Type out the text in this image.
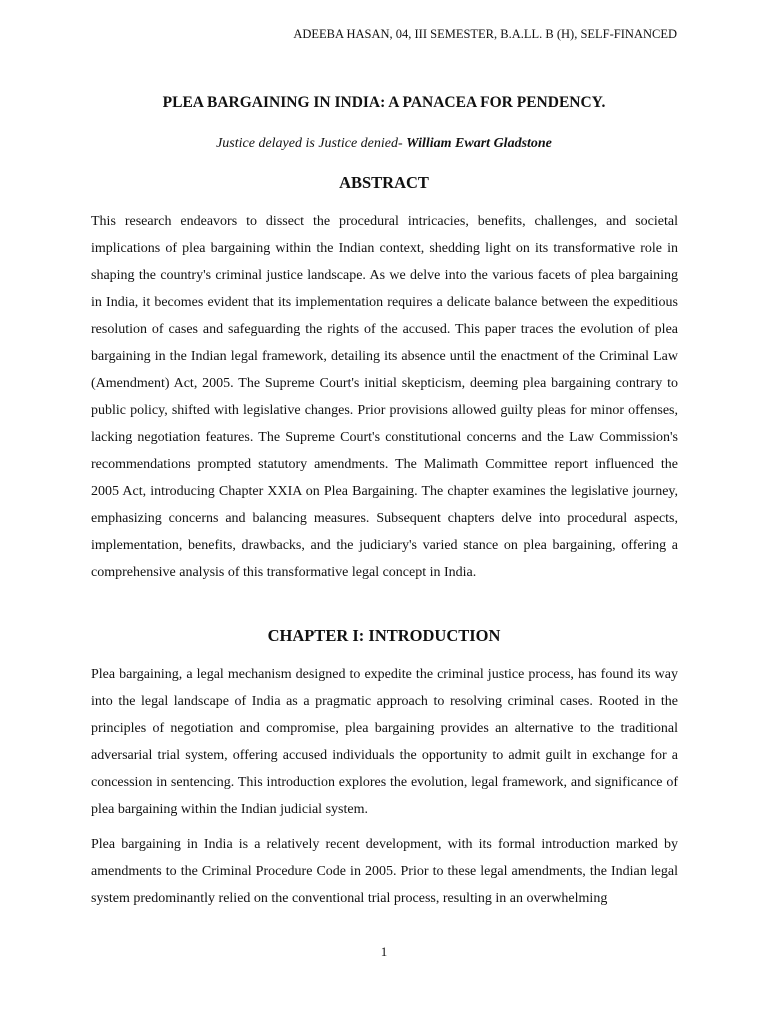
ADEEBA HASAN, 04, III SEMESTER, B.A.LL. B (H), SELF-FINANCED
PLEA BARGAINING IN INDIA: A PANACEA FOR PENDENCY.
Justice delayed is Justice denied- William Ewart Gladstone
ABSTRACT

This research endeavors to dissect the procedural intricacies, benefits, challenges, and societal implications of plea bargaining within the Indian context, shedding light on its transformative role in shaping the country's criminal justice landscape. As we delve into the various facets of plea bargaining in India, it becomes evident that its implementation requires a delicate balance between the expeditious resolution of cases and safeguarding the rights of the accused. This paper traces the evolution of plea bargaining in the Indian legal framework, detailing its absence until the enactment of the Criminal Law (Amendment) Act, 2005. The Supreme Court's initial skepticism, deeming plea bargaining contrary to public policy, shifted with legislative changes. Prior provisions allowed guilty pleas for minor offenses, lacking negotiation features. The Supreme Court's constitutional concerns and the Law Commission's recommendations prompted statutory amendments. The Malimath Committee report influenced the 2005 Act, introducing Chapter XXIA on Plea Bargaining. The chapter examines the legislative journey, emphasizing concerns and balancing measures. Subsequent chapters delve into procedural aspects, implementation, benefits, drawbacks, and the judiciary's varied stance on plea bargaining, offering a comprehensive analysis of this transformative legal concept in India.

CHAPTER I: INTRODUCTION

Plea bargaining, a legal mechanism designed to expedite the criminal justice process, has found its way into the legal landscape of India as a pragmatic approach to resolving criminal cases. Rooted in the principles of negotiation and compromise, plea bargaining provides an alternative to the traditional adversarial trial system, offering accused individuals the opportunity to admit guilt in exchange for a concession in sentencing. This introduction explores the evolution, legal framework, and significance of plea bargaining within the Indian judicial system.

Plea bargaining in India is a relatively recent development, with its formal introduction marked by amendments to the Criminal Procedure Code in 2005. Prior to these legal amendments, the Indian legal system predominantly relied on the conventional trial process, resulting in an overwhelming

1
